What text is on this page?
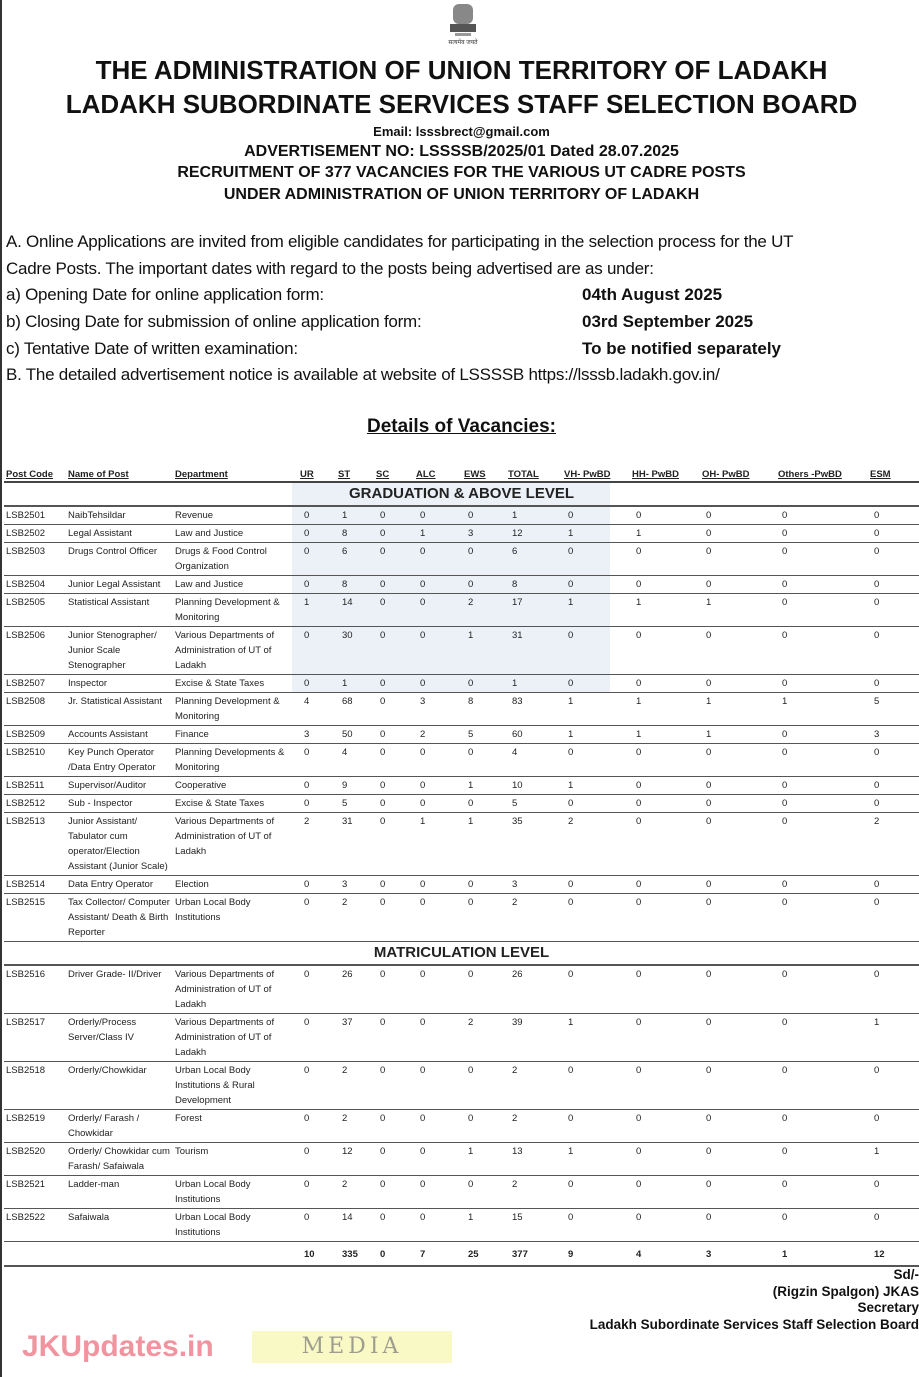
सत्यमेव जयते
THE ADMINISTRATION OF UNION TERRITORY OF LADAKH
LADAKH SUBORDINATE SERVICES STAFF SELECTION BOARD
Email: lsssbrect@gmail.com
ADVERTISEMENT NO: LSSSSB/2025/01 Dated 28.07.2025
RECRUITMENT OF 377 VACANCIES FOR THE VARIOUS UT CADRE POSTS
UNDER ADMINISTRATION OF UNION TERRITORY OF LADAKH
A. Online Applications are invited from eligible candidates for participating in the selection process for the UT
Cadre Posts. The important dates with regard to the posts being advertised are as under:
a) Opening Date for online application form:	04th August 2025
b) Closing Date for submission of online application form:	03rd September 2025
c) Tentative Date of written examination:	To be notified separately
B. The detailed advertisement notice is available at website of LSSSSB https://lsssb.ladakh.gov.in/
Details of Vacancies:
Post Code	Name of Post	Department	UR	ST	SC	ALC	EWS	TOTAL	VH- PwBD	HH- PwBD	OH- PwBD	Others -PwBD	ESM
GRADUATION & ABOVE LEVEL													
LSB2501	NaibTehsildar	Revenue	0	1	0	0	0	1	0	0	0	0	0
LSB2502	Legal Assistant	Law and Justice	0	8	0	1	3	12	1	1	0	0	0
LSB2503	Drugs Control Officer	Drugs & Food Control Organization	0	6	0	0	0	6	0	0	0	0	0
LSB2504	Junior Legal Assistant	Law and Justice	0	8	0	0	0	8	0	0	0	0	0
LSB2505	Statistical Assistant	Planning Development & Monitoring	1	14	0	0	2	17	1	1	1	0	0
LSB2506	Junior Stenographer/ Junior Scale Stenographer	Various Departments of Administration of UT of Ladakh	0	30	0	0	1	31	0	0	0	0	0
LSB2507	Inspector	Excise & State Taxes	0	1	0	0	0	1	0	0	0	0	0
LSB2508	Jr. Statistical Assistant	Planning Development & Monitoring	4	68	0	3	8	83	1	1	1	1	5
LSB2509	Accounts Assistant	Finance	3	50	0	2	5	60	1	1	1	0	3
LSB2510	Key Punch Operator /Data Entry Operator	Planning Developments & Monitoring	0	4	0	0	0	4	0	0	0	0	0
LSB2511	Supervisor/Auditor	Cooperative	0	9	0	0	1	10	1	0	0	0	0
LSB2512	Sub - Inspector	Excise & State Taxes	0	5	0	0	0	5	0	0	0	0	0
LSB2513	Junior Assistant/ Tabulator cum operator/Election Assistant (Junior Scale)	Various Departments of Administration of UT of Ladakh	2	31	0	1	1	35	2	0	0	0	2
LSB2514	Data Entry Operator	Election	0	3	0	0	0	3	0	0	0	0	0
LSB2515	Tax Collector/ Computer Assistant/ Death & Birth Reporter	Urban Local Body Institutions	0	2	0	0	0	2	0	0	0	0	0
MATRICULATION LEVEL													
LSB2516	Driver Grade- II/Driver	Various Departments of Administration of UT of Ladakh	0	26	0	0	0	26	0	0	0	0	0
LSB2517	Orderly/Process Server/Class IV	Various Departments of Administration of UT of Ladakh	0	37	0	0	2	39	1	0	0	0	1
LSB2518	Orderly/Chowkidar	Urban Local Body Institutions & Rural Development	0	2	0	0	0	2	0	0	0	0	0
LSB2519	Orderly/ Farash / Chowkidar	Forest	0	2	0	0	0	2	0	0	0	0	0
LSB2520	Orderly/ Chowkidar cum Farash/ Safaiwala	Tourism	0	12	0	0	1	13	1	0	0	0	1
LSB2521	Ladder-man	Urban Local Body Institutions	0	2	0	0	0	2	0	0	0	0	0
LSB2522	Safaiwala	Urban Local Body Institutions	0	14	0	0	1	15	0	0	0	0	0
			10	335	0	7	25	377	9	4	3	1	12
Sd/-
(Rigzin Spalgon) JKAS
Secretary
Ladakh Subordinate Services Staff Selection Board
JKUpdates.in	MEDIA
